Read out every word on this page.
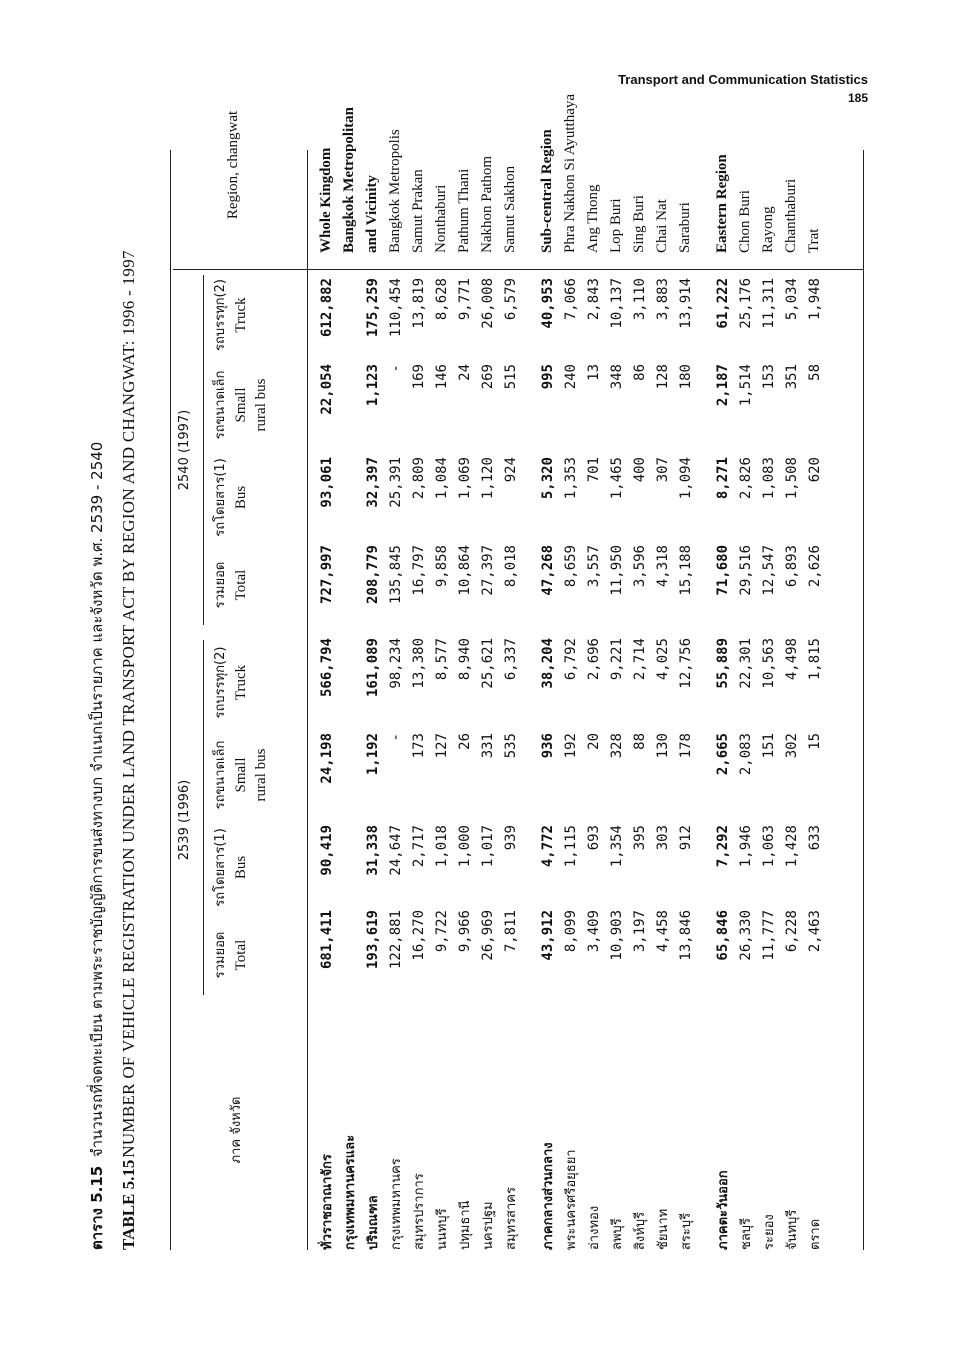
Transport and Communication Statistics
185
ตาราง 5.15 จำนวนรถที่จดทะเบียน ตามพระราชบัญญัติการขนส่งทางบก จำแนกเป็นรายภาค และจังหวัด พ.ศ. 2539 - 2540
TABLE 5.15 NUMBER OF VEHICLE REGISTRATION UNDER LAND TRANSPORT ACT BY REGION AND CHANGWAT: 1996 - 1997	ภาค จังหวัด
Region, changwat
2539 (1996)
2540 (1997)
รวมยอด Total
รถโดยสาร(1) Bus
รถขนาดเล็ก Small rural bus
รถบรรทุก(2) Truck
รวมยอด Total
รถโดยสาร(1) Bus
รถขนาดเล็ก Small rural bus
รถบรรทุก(2) Truck
ทั่วราชอาณาจักร	681,411	90,419	24,198	566,794	727,997	93,061	22,054	612,882	Whole Kingdom
กรุงเทพมหานครและ									Bangkok Metropolitan
ปริมณฑล	193,619	31,338	1,192	161,089	208,779	32,397	1,123	175,259	and Vicinity
กรุงเทพมหานคร	122,881	24,647	-	98,234	135,845	25,391	-	110,454	Bangkok Metropolis
สมุทรปราการ	16,270	2,717	173	13,380	16,797	2,809	169	13,819	Samut Prakan
นนทบุรี	9,722	1,018	127	8,577	9,858	1,084	146	8,628	Nonthaburi
ปทุมธานี	9,966	1,000	26	8,940	10,864	1,069	24	9,771	Pathum Thani
นครปฐม	26,969	1,017	331	25,621	27,397	1,120	269	26,008	Nakhon Pathom
สมุทรสาคร	7,811	939	535	6,337	8,018	924	515	6,579	Samut Sakhon

ภาคกลางส่วนกลาง	43,912	4,772	936	38,204	47,268	5,320	995	40,953	Sub-central Region
พระนครศรีอยุธยา	8,099	1,115	192	6,792	8,659	1,353	240	7,066	Phra Nakhon Si Ayutthaya
อ่างทอง	3,409	693	20	2,696	3,557	701	13	2,843	Ang Thong
ลพบุรี	10,903	1,354	328	9,221	11,950	1,465	348	10,137	Lop Buri
สิงห์บุรี	3,197	395	88	2,714	3,596	400	86	3,110	Sing Buri
ชัยนาท	4,458	303	130	4,025	4,318	307	128	3,883	Chai Nat
สระบุรี	13,846	912	178	12,756	15,188	1,094	180	13,914	Saraburi

ภาคตะวันออก	65,846	7,292	2,665	55,889	71,680	8,271	2,187	61,222	Eastern Region
ชลบุรี	26,330	1,946	2,083	22,301	29,516	2,826	1,514	25,176	Chon Buri
ระยอง	11,777	1,063	151	10,563	12,547	1,083	153	11,311	Rayong
จันทบุรี	6,228	1,428	302	4,498	6,893	1,508	351	5,034	Chanthaburi
ตราด	2,463	633	15	1,815	2,626	620	58	1,948	Trat
